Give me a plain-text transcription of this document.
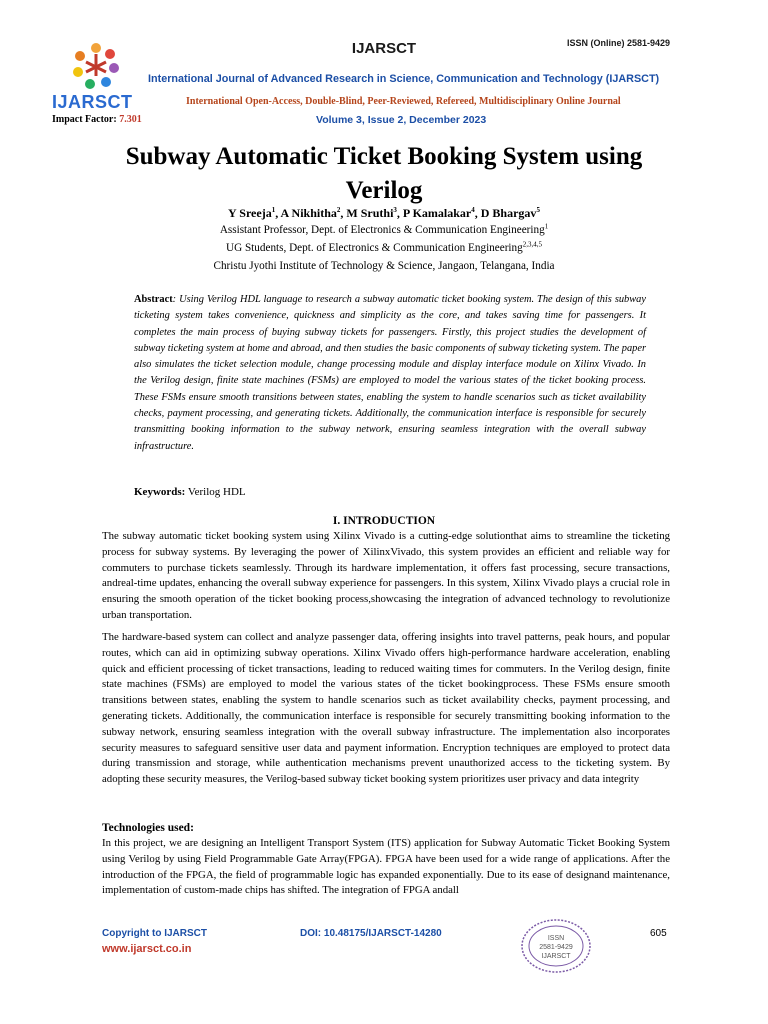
IJARSCT
Impact Factor: 7.301
IJARSCT	ISSN (Online) 2581-9429
International Journal of Advanced Research in Science, Communication and Technology (IJARSCT)
International Open-Access, Double-Blind, Peer-Reviewed, Refereed, Multidisciplinary Online Journal
Volume 3, Issue 2, December 2023
Subway Automatic Ticket Booking System using
Verilog
Y Sreeja$^1$, A Nikhitha$^2$, M Sruthi$^3$, P Kamalakar$^4$, D Bhargav$^5$
Assistant Professor, Dept. of Electronics & Communication Engineering$^1$
UG Students, Dept. of Electronics & Communication Engineering$^{2,3,4,5}$
Christu Jyothi Institute of Technology & Science, Jangaon, Telangana, India
Abstract: Using Verilog HDL language to research a subway automatic ticket booking system. The design of this subway ticketing system takes convenience, quickness and simplicity as the core, and takes saving time for passengers. It completes the main process of buying subway tickets for passengers. Firstly, this project studies the development of subway ticketing system at home and abroad, and then studies the basic components of subway ticketing system. The paper also simulates the ticket selection module, change processing module and display interface module on Xilinx Vivado. In the Verilog design, finite state machines (FSMs) are employed to model the various states of the ticket booking process. These FSMs ensure smooth transitions between states, enabling the system to handle scenarios such as ticket availability checks, payment processing, and generating tickets. Additionally, the communication interface is responsible for securely transmitting booking information to the subway network, ensuring seamless integration with the overall subway infrastructure.
Keywords: Verilog HDL
I. INTRODUCTION
The subway automatic ticket booking system using Xilinx Vivado is a cutting-edge solutionthat aims to streamline the ticketing process for subway systems. By leveraging the power of XilinxVivado, this system provides an efficient and reliable way for commuters to purchase tickets seamlessly. Through its hardware implementation, it offers fast processing, secure transactions, andreal-time updates, enhancing the overall subway experience for passengers. In this system, Xilinx Vivado plays a crucial role in ensuring the smooth operation of the ticket booking process,showcasing the integration of advanced technology to revolutionize urban transportation.
The hardware-based system can collect and analyze passenger data, offering insights into travel patterns, peak hours, and popular routes, which can aid in optimizing subway operations. Xilinx Vivado offers high-performance hardware acceleration, enabling quick and efficient processing of ticket transactions, leading to reduced waiting times for commuters. In the Verilog design, finite state machines (FSMs) are employed to model the various states of the ticket bookingprocess. These FSMs ensure smooth transitions between states, enabling the system to handle scenarios such as ticket availability checks, payment processing, and generating tickets. Additionally, the communication interface is responsible for securely transmitting booking information to the subway network, ensuring seamless integration with the overall subway infrastructure. The implementation also incorporates security measures to safeguard sensitive user data and payment information. Encryption techniques are employed to protect data during transmission and storage, while authentication mechanisms prevent unauthorized access to the ticketing system. By adopting these security measures, the Verilog-based subway ticket booking system prioritizes user privacy and data integrity
Technologies used:
In this project, we are designing an Intelligent Transport System (ITS) application for Subway Automatic Ticket Booking System using Verilog by using Field Programmable Gate Array(FPGA). FPGA have been used for a wide range of applications. After the introduction of the FPGA, the field of programmable logic has expanded exponentially. Due to its ease of designand maintenance, implementation of custom-made chips has shifted. The integration of FPGA andall
Copyright to IJARSCT
www.ijarsct.co.in
DOI: 10.48175/IJARSCT-14280	ISSN
2581-9429
IJARSCT
605
